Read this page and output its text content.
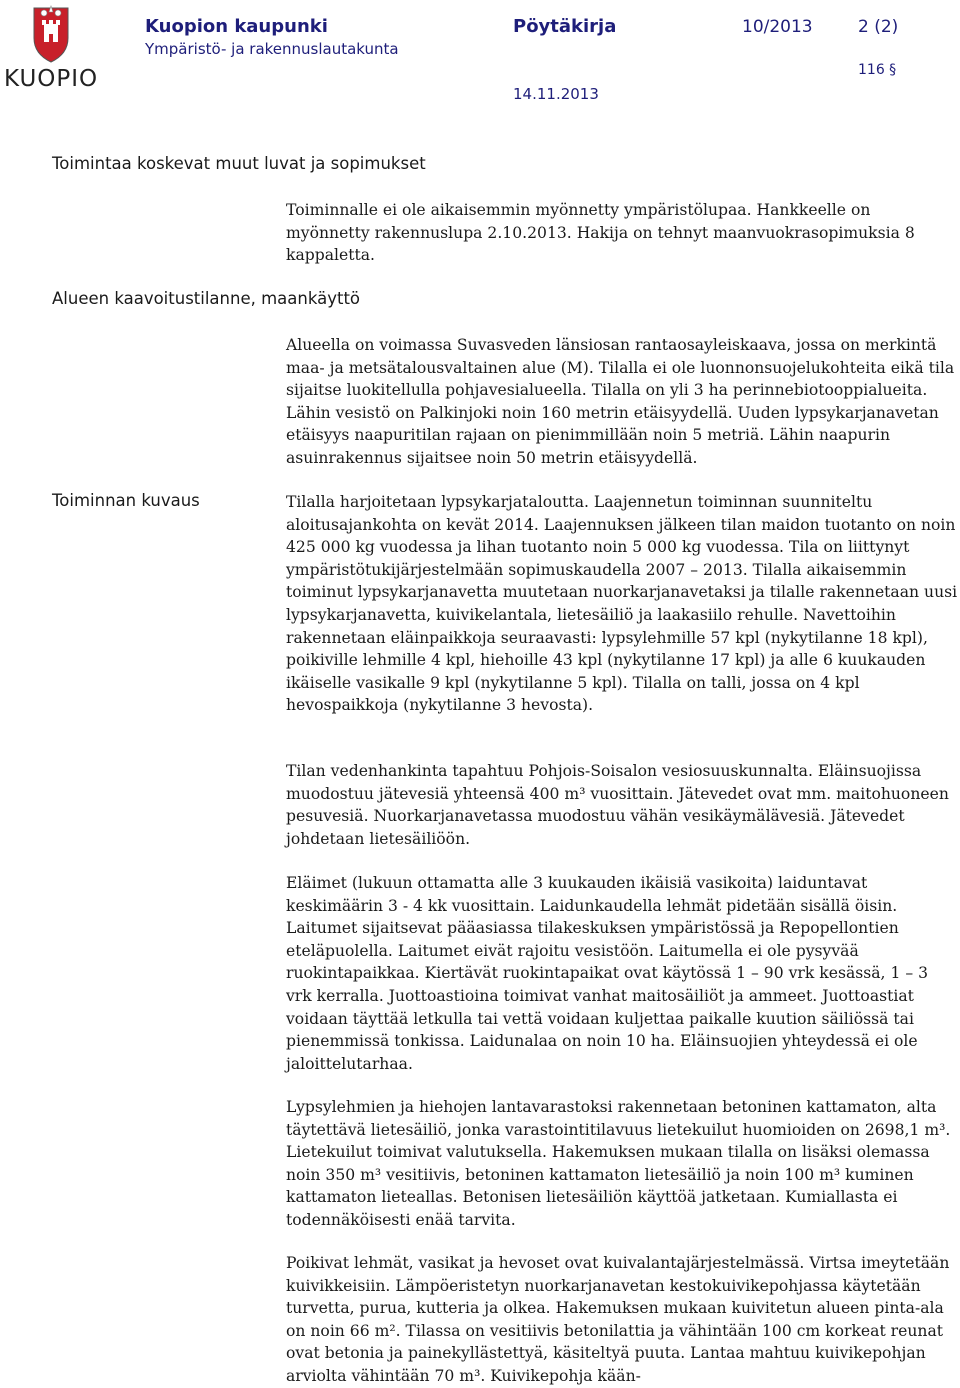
KUOPIO
Kuopion kaupunki
Ympäristö- ja rakennuslautakunta
Pöytäkirja	10/2013	2 (2)
116 §
14.11.2013
Toimintaa koskevat muut luvat ja sopimukset
Alueen kaavoitustilanne, maankäyttö
Toiminnan kuvaus

Toiminnalle ei ole aikaisemmin myönnetty ympäristölupaa. Hankkeelle on myönnetty rakennuslupa 2.10.2013. Hakija on tehnyt maanvuokrasopimuksia 8 kappaletta.

Alueella on voimassa Suvasveden länsiosan rantaosayleiskaava, jossa on merkintä maa- ja metsätalousvaltainen alue (M). Tilalla ei ole luonnonsuojelukohteita eikä tila sijaitse luokitellulla pohjavesialueella. Tilalla on yli 3 ha perinnebiotooppialueita. Lähin vesistö on Palkinjoki noin 160 metrin etäisyydellä. Uuden lypsykarjanavetan etäisyys naapuritilan rajaan on pienimmillään noin 5 metriä. Lähin naapurin asuinrakennus sijaitsee noin 50 metrin etäisyydellä.

Tilalla harjoitetaan lypsykarjataloutta. Laajennetun toiminnan suunniteltu aloitusajankohta on kevät 2014. Laajennuksen jälkeen tilan maidon tuotanto on noin 425 000 kg vuodessa ja lihan tuotanto noin 5 000 kg vuodessa. Tila on liittynyt ympäristötukijärjestelmään sopimuskaudella 2007 – 2013. Tilalla aikaisemmin toiminut lypsykarjanavetta muutetaan nuorkarjanavetaksi ja tilalle rakennetaan uusi lypsykarjanavetta, kuivikelantala, lietesäiliö ja laakasiilo rehulle. Navettoihin rakennetaan eläinpaikkoja seuraavasti: lypsylehmille 57 kpl (nykytilanne 18 kpl), poikiville lehmille 4 kpl, hiehoille 43 kpl (nykytilanne 17 kpl) ja alle 6 kuukauden ikäiselle vasikalle 9 kpl (nykytilanne 5 kpl). Tilalla on talli, jossa on 4 kpl hevospaikkoja (nykytilanne 3 hevosta).

Tilan vedenhankinta tapahtuu Pohjois-Soisalon vesiosuuskunnalta. Eläinsuojissa muodostuu jätevesiä yhteensä 400 m³ vuosittain. Jätevedet ovat mm. maitohuoneen pesuvesiä. Nuorkarjanavetassa muodostuu vähän vesikäymälävesiä. Jätevedet johdetaan lietesäiliöön.

Eläimet (lukuun ottamatta alle 3 kuukauden ikäisiä vasikoita) laiduntavat keskimäärin 3 - 4 kk vuosittain. Laidunkaudella lehmät pidetään sisällä öisin. Laitumet sijaitsevat pääasiassa tilakeskuksen ympäristössä ja Repopellontien eteläpuolella. Laitumet eivät rajoitu vesistöön. Laitumella ei ole pysyvää ruokintapaikkaa. Kiertävät ruokintapaikat ovat käytössä 1 – 90 vrk kesässä, 1 – 3 vrk kerralla. Juottoastioina toimivat vanhat maitosäiliöt ja ammeet. Juottoastiat voidaan täyttää letkulla tai vettä voidaan kuljettaa paikalle kuution säiliössä tai pienemmissä tonkissa. Laidunalaa on noin 10 ha. Eläinsuojien yhteydessä ei ole jaloittelutarhaa.

Lypsylehmien ja hiehojen lantavarastoksi rakennetaan betoninen kattamaton, alta täytettävä lietesäiliö, jonka varastointitilavuus lietekuilut huomioiden on 2698,1 m³. Lietekuilut toimivat valutuksella. Hakemuksen mukaan tilalla on lisäksi olemassa noin 350 m³ vesitiivis, betoninen kattamaton lietesäiliö ja noin 100 m³ kuminen kattamaton lieteallas. Betonisen lietesäiliön käyttöä jatketaan. Kumiallasta ei todennäköisesti enää tarvita.

Poikivat lehmät, vasikat ja hevoset ovat kuivalantajärjestelmässä. Virtsa imeytetään kuivikkeisiin. Lämpöeristetyn nuorkarjanavetan kestokuivikepohjassa käytetään turvetta, purua, kutteria ja olkea. Hakemuksen mukaan kuivitetun alueen pinta-ala on noin 66 m². Tilassa on vesitiivis betonilattia ja vähintään 100 cm korkeat reunat ovat betonia ja painekyllästettyä, käsiteltyä puuta. Lantaa mahtuu kuivikepohjan arviolta vähintään 70 m³. Kuivikepohja kään-
